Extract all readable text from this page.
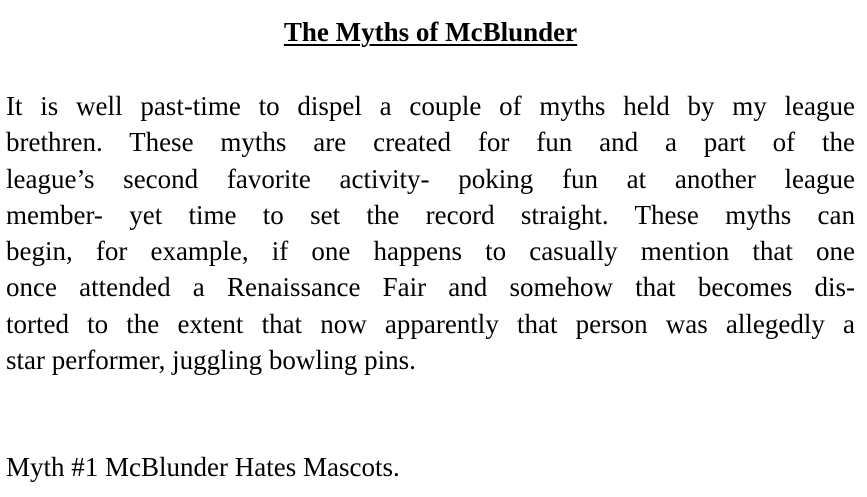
The Myths of McBlunder
It is well past-time to dispel a couple of myths held by my league
brethren. These myths are created for fun and a part of the
league’s second favorite activity- poking fun at another league
member- yet time to set the record straight. These myths can
begin, for example, if one happens to casually mention that one
once attended a Renaissance Fair and somehow that becomes dis-
torted to the extent that now apparently that person was allegedly a
star performer, juggling bowling pins.
Myth #1 McBlunder Hates Mascots.
